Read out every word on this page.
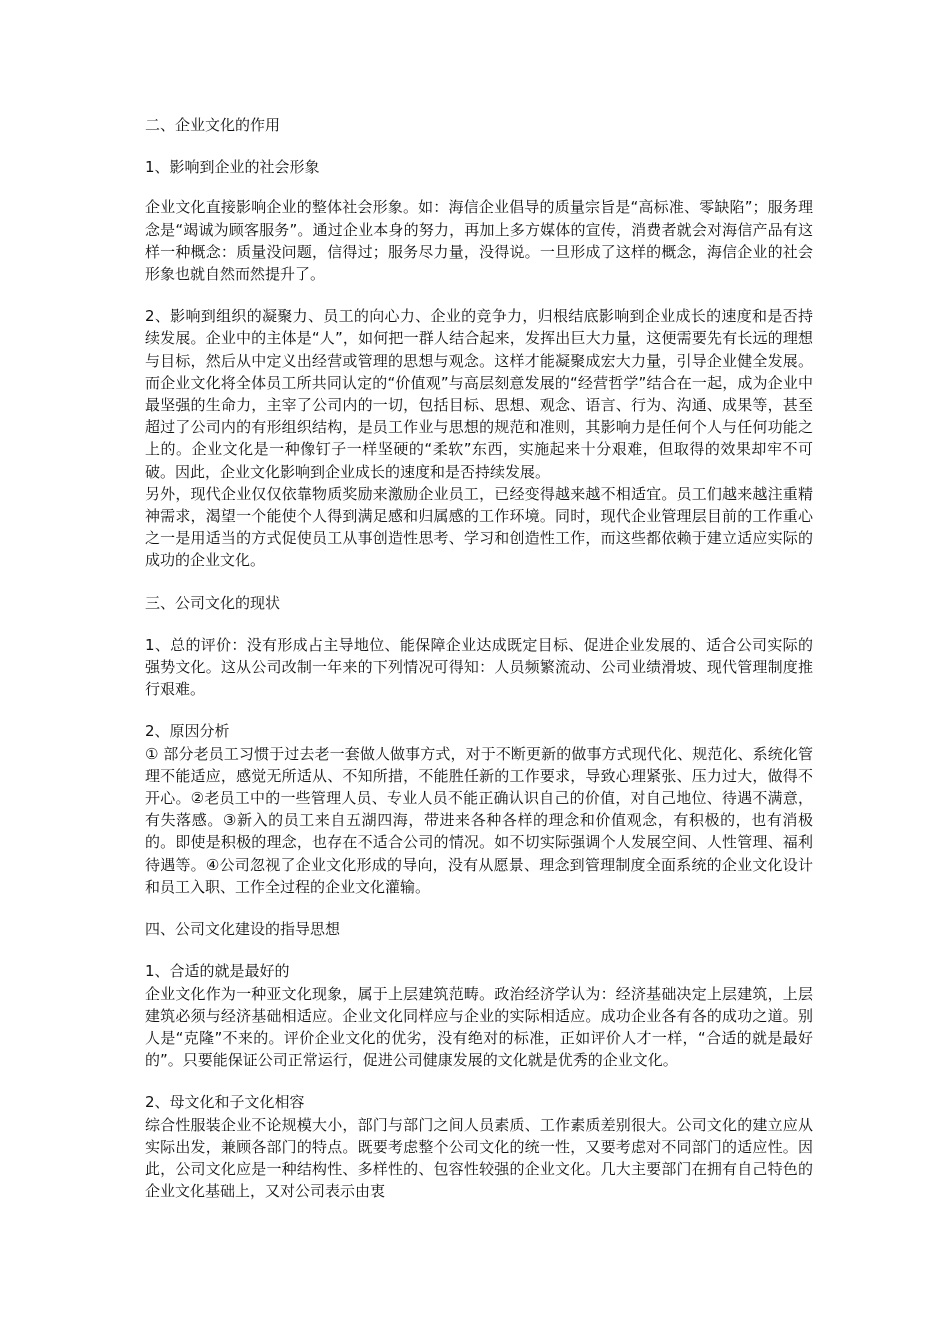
二、企业文化的作用

1、影响到企业的社会形象

企业文化直接影响企业的整体社会形象。如：海信企业倡导的质量宗旨是“高标准、零缺陷”；服务理念是“竭诚为顾客服务”。通过企业本身的努力，再加上多方媒体的宣传，消费者就会对海信产品有这样一种概念：质量没问题，信得过；服务尽力量，没得说。一旦形成了这样的概念，海信企业的社会形象也就自然而然提升了。

2、影响到组织的凝聚力、员工的向心力、企业的竞争力，归根结底影响到企业成长的速度和是否持续发展。企业中的主体是“人”，如何把一群人结合起来，发挥出巨大力量，这便需要先有长远的理想与目标，然后从中定义出经营或管理的思想与观念。这样才能凝聚成宏大力量，引导企业健全发展。而企业文化将全体员工所共同认定的“价值观”与高层刻意发展的“经营哲学”结合在一起，成为企业中最坚强的生命力，主宰了公司内的一切，包括目标、思想、观念、语言、行为、沟通、成果等，甚至超过了公司内的有形组织结构，是员工作业与思想的规范和准则，其影响力是任何个人与任何功能之上的。企业文化是一种像钉子一样坚硬的“柔软”东西，实施起来十分艰难，但取得的效果却牢不可破。因此，企业文化影响到企业成长的速度和是否持续发展。

另外，现代企业仅仅依靠物质奖励来激励企业员工，已经变得越来越不相适宜。员工们越来越注重精神需求，渴望一个能使个人得到满足感和归属感的工作环境。同时，现代企业管理层目前的工作重心之一是用适当的方式促使员工从事创造性思考、学习和创造性工作，而这些都依赖于建立适应实际的成功的企业文化。

三、公司文化的现状

1、总的评价：没有形成占主导地位、能保障企业达成既定目标、促进企业发展的、适合公司实际的强势文化。这从公司改制一年来的下列情况可得知：人员频繁流动、公司业绩滑坡、现代管理制度推行艰难。

2、原因分析

① 部分老员工习惯于过去老一套做人做事方式，对于不断更新的做事方式现代化、规范化、系统化管理不能适应，感觉无所适从、不知所措，不能胜任新的工作要求，导致心理紧张、压力过大，做得不开心。②老员工中的一些管理人员、专业人员不能正确认识自己的价值，对自己地位、待遇不满意，有失落感。③新入的员工来自五湖四海，带进来各种各样的理念和价值观念，有积极的，也有消极的。即使是积极的理念，也存在不适合公司的情况。如不切实际强调个人发展空间、人性管理、福利待遇等。④公司忽视了企业文化形成的导向，没有从愿景、理念到管理制度全面系统的企业文化设计和员工入职、工作全过程的企业文化灌输。

四、公司文化建设的指导思想

1、合适的就是最好的

企业文化作为一种亚文化现象，属于上层建筑范畴。政治经济学认为：经济基础决定上层建筑，上层建筑必须与经济基础相适应。企业文化同样应与企业的实际相适应。成功企业各有各的成功之道。别人是“克隆”不来的。评价企业文化的优劣，没有绝对的标准，正如评价人才一样，“合适的就是最好的”。只要能保证公司正常运行，促进公司健康发展的文化就是优秀的企业文化。

2、母文化和子文化相容

综合性服装企业不论规模大小，部门与部门之间人员素质、工作素质差别很大。公司文化的建立应从实际出发，兼顾各部门的特点。既要考虑整个公司文化的统一性，又要考虑对不同部门的适应性。因此，公司文化应是一种结构性、多样性的、包容性较强的企业文化。几大主要部门在拥有自己特色的企业文化基础上，又对公司表示由衷
